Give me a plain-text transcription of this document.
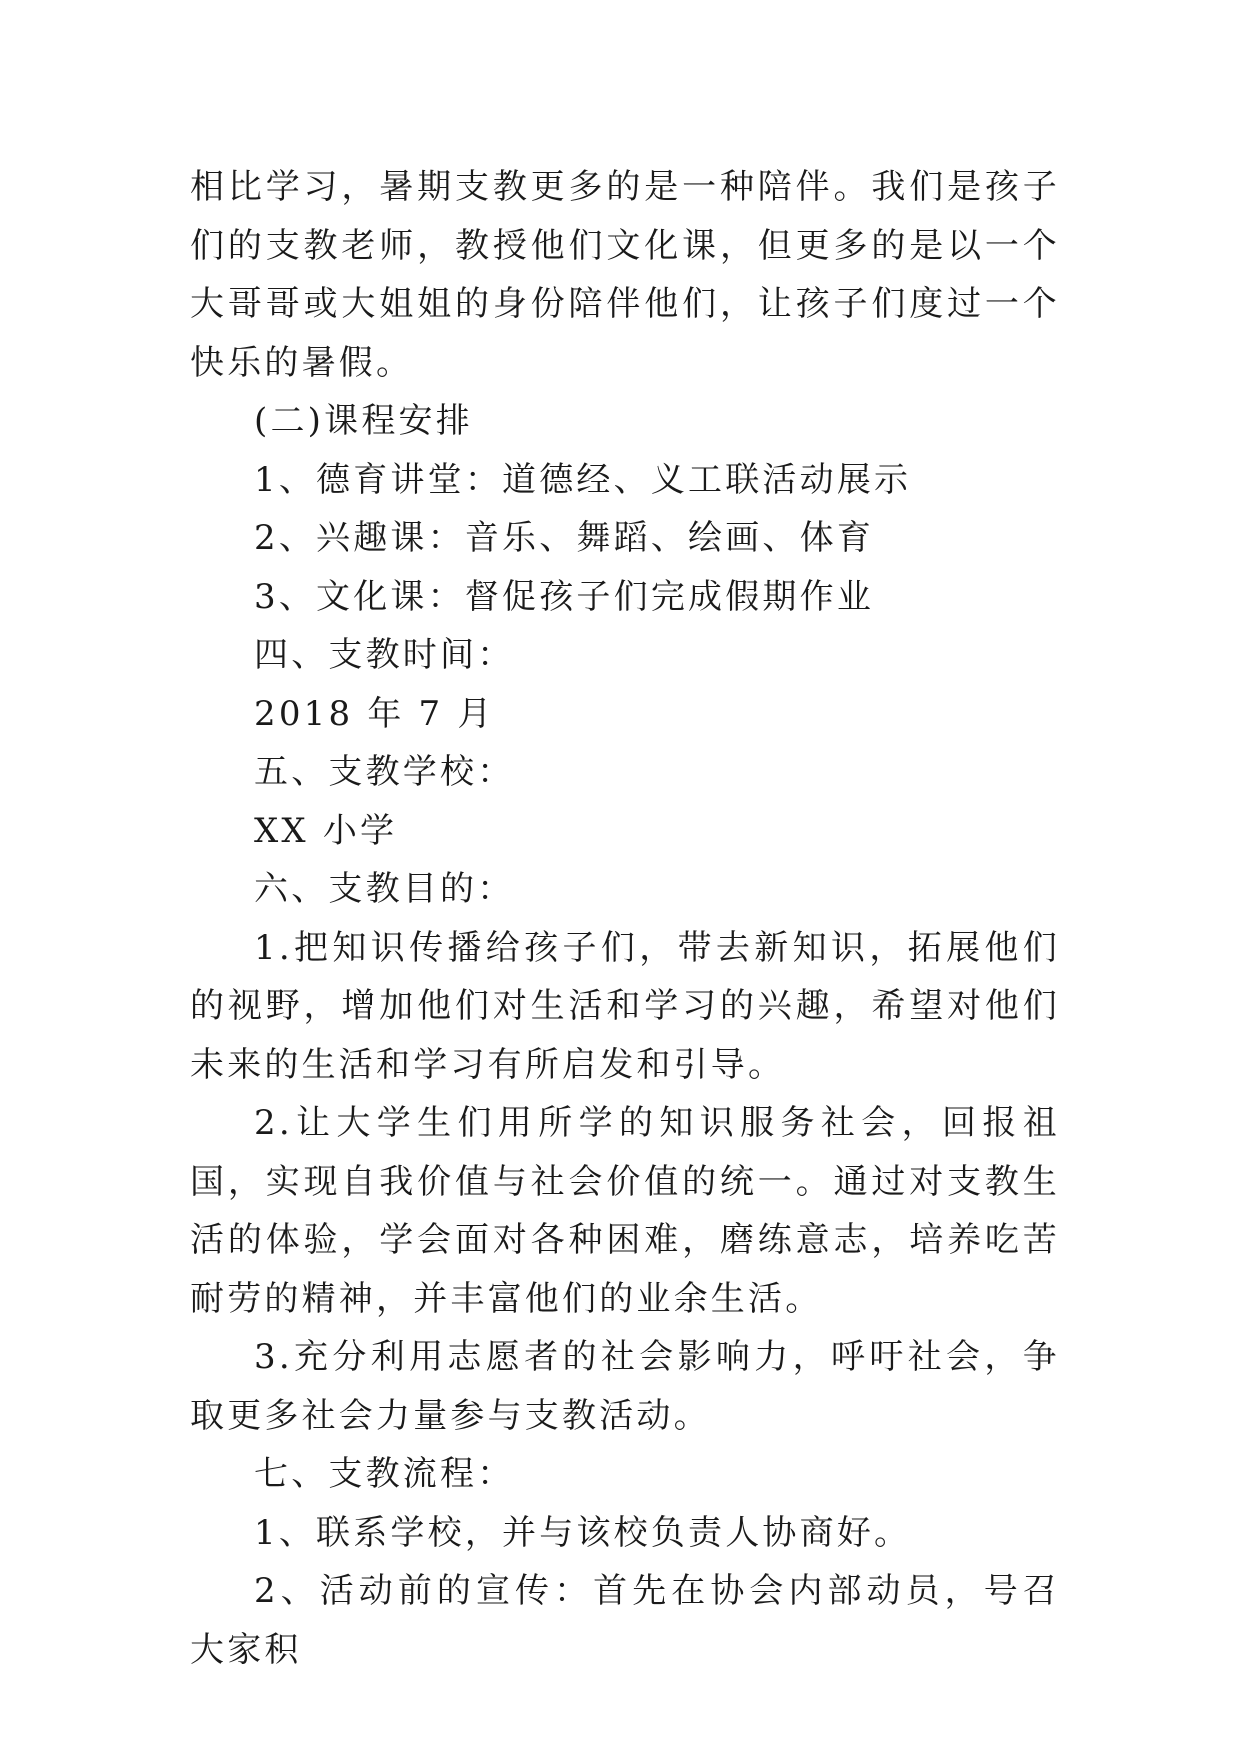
相比学习，暑期支教更多的是一种陪伴。我们是孩子们的支教老师，教授他们文化课，但更多的是以一个大哥哥或大姐姐的身份陪伴他们，让孩子们度过一个快乐的暑假。

(二)课程安排

1、德育讲堂：道德经、义工联活动展示

2、兴趣课：音乐、舞蹈、绘画、体育

3、文化课：督促孩子们完成假期作业

四、支教时间：

2018 年 7 月

五、支教学校：

XX 小学

六、支教目的：

1.把知识传播给孩子们，带去新知识，拓展他们的视野，增加他们对生活和学习的兴趣，希望对他们未来的生活和学习有所启发和引导。

2.让大学生们用所学的知识服务社会，回报祖国，实现自我价值与社会价值的统一。通过对支教生活的体验，学会面对各种困难，磨练意志，培养吃苦耐劳的精神，并丰富他们的业余生活。

3.充分利用志愿者的社会影响力，呼吁社会，争取更多社会力量参与支教活动。

七、支教流程：

1、联系学校，并与该校负责人协商好。

2、活动前的宣传：首先在协会内部动员，号召大家积
